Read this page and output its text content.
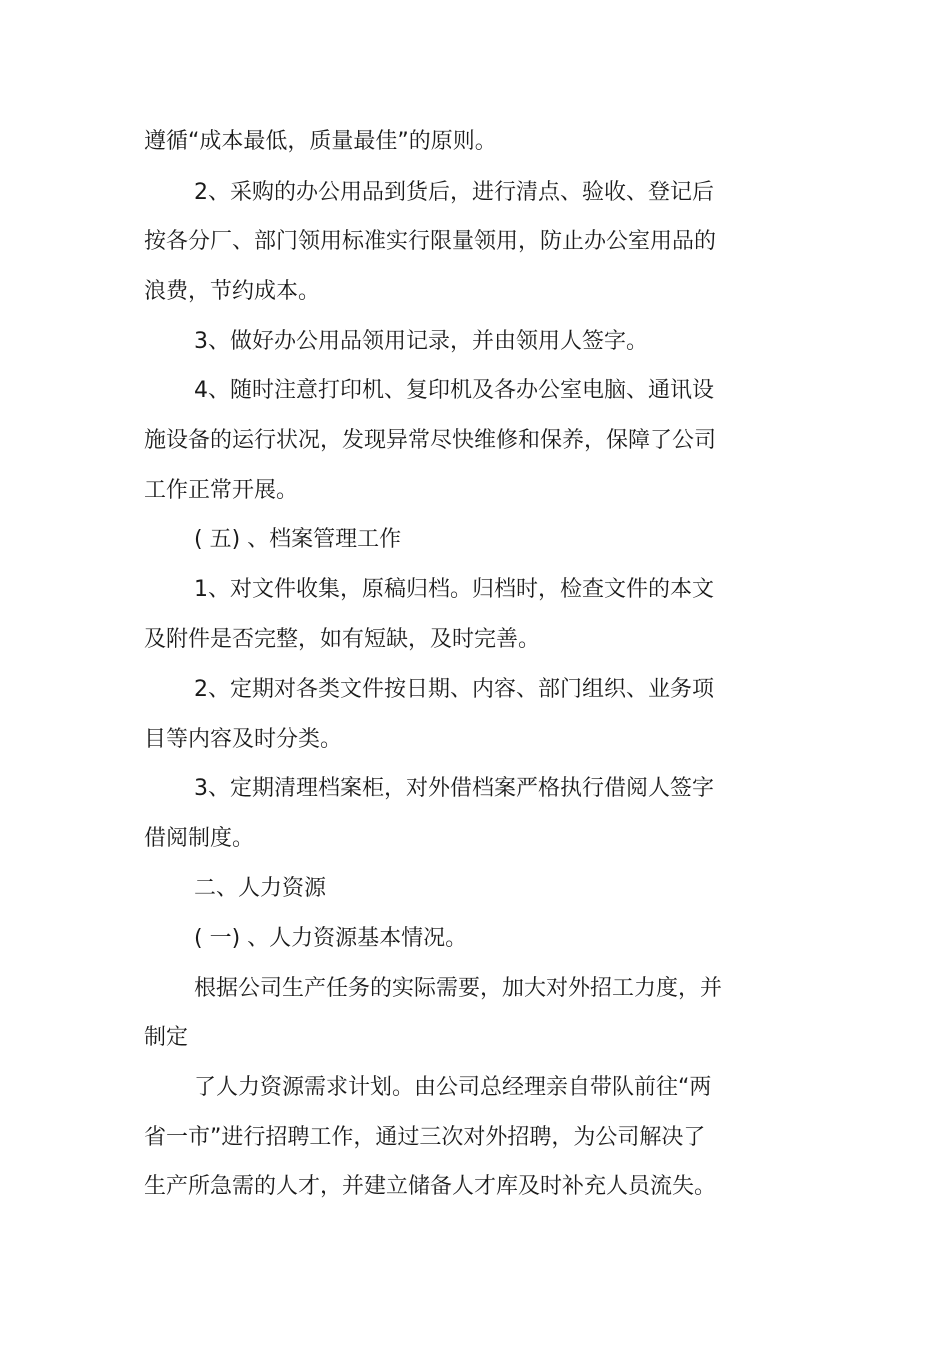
遵循“成本最低，质量最佳”的原则。
2、采购的办公用品到货后，进行清点、验收、登记后
按各分厂、部门领用标准实行限量领用，防止办公室用品的
浪费，节约成本。
3、做好办公用品领用记录，并由领用人签字。
4、随时注意打印机、复印机及各办公室电脑、通讯设
施设备的运行状况，发现异常尽快维修和保养，保障了公司
工作正常开展。
( 五) 、档案管理工作
1、对文件收集，原稿归档。归档时，检查文件的本文
及附件是否完整，如有短缺，及时完善。
2、定期对各类文件按日期、内容、部门组织、业务项
目等内容及时分类。
3、定期清理档案柜，对外借档案严格执行借阅人签字
借阅制度。
二、人力资源
( 一) 、人力资源基本情况。
根据公司生产任务的实际需要，加大对外招工力度，并
制定
了人力资源需求计划。由公司总经理亲自带队前往“两
省一市”进行招聘工作，通过三次对外招聘，为公司解决了
生产所急需的人才，并建立储备人才库及时补充人员流失。
